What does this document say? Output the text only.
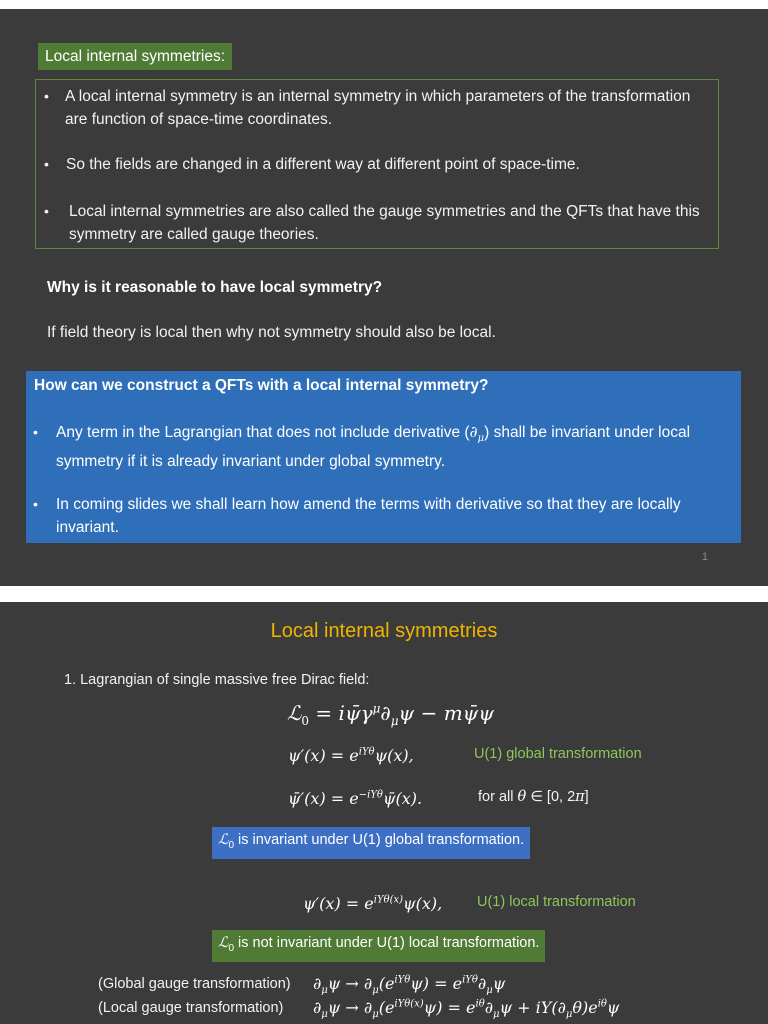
Local internal symmetries:
• A local internal symmetry is an internal symmetry in which parameters of the transformation are function of space-time coordinates.
• So the fields are changed in a different way at different point of space-time.
• Local internal symmetries are also called the gauge symmetries and the QFTs that have this symmetry are called gauge theories.
Why is it reasonable to have local symmetry?
If field theory is local then why not symmetry should also be local.
How can we construct a QFTs with a local internal symmetry?
• Any term in the Lagrangian that does not include derivative $(\partial_\mu)$ shall be invariant under local symmetry if it is already invariant under global symmetry.
• In coming slides we shall learn how amend the terms with derivative so that they are locally invariant.
1
Local internal symmetries
1. Lagrangian of single massive free Dirac field:
ℒ$_0$ = $i\psī\gamma^\mu\partial_\mu\psi$ − mψ̄ψ
$\psi'(x) = e^{iY\theta}\psi(x)$,	U(1) global transformation
ψ̄′(x) = $e^{-iY\theta}\psī(x)$.	for all θ ∈ [0, 2π]
ℒ$_0$ is invariant under U(1) global transformation.
$\psi'(x) = e^{iY\theta(x)}\psi(x)$, U(1) local transformation
ℒ$_0$ is not invariant under U(1) local transformation.
(Global gauge transformation) $\partial_\mu\psi \to \partial_\mu(e^{iY\theta}\psi) = e^{iY\theta}\partial_\mu\psi$
(Local gauge transformation) $\partial_\mu\psi \to \partial_\mu(e^{iY\theta(x)}\psi) = e^{i\theta}\partial_\mu\psi + iY(\partial_\mu\theta)e^{i\theta}\psi$
